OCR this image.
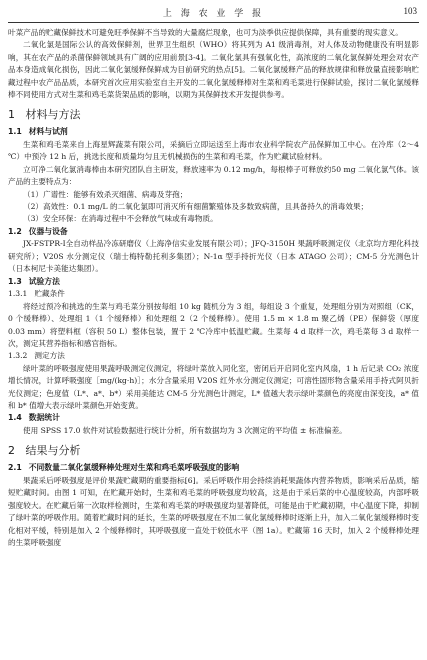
上 海 农 业 学 报	103

叶菜产品的贮藏保鲜技术可避免旺季保鲜不当导致的大量腐烂现象，也可为淡季供应提供保障，具有重要的现实意义。

二氧化氯是国际公认的高效保鲜剂，世界卫生组织（WHO）将其列为 A1 级消毒剂，对人体及动物健康没有明显影响，其在农产品的杀菌保鲜领域具有广阔的应用前景[3-4]。二氧化氯具有强氧化性，高浓度的二氧化氯保鲜处理会对农产品本身造成氧化损伤，因此二氧化氯缓释保鲜成为目前研究的热点[5]。二氧化氯缓释产品的释放规律和释放量直接影响贮藏过程中农产品品质，本研究首次应用实验室自主开发的二氧化氯缓释棒对生菜和鸡毛菜进行保鲜试验，探讨二氧化氯缓释棒不同使用方式对生菜和鸡毛菜货架品质的影响，以期为其保鲜技术开发提供参考。

1 材料与方法
1.1 材料与试剂

生菜和鸡毛菜来自上海星辉蔬菜有限公司，采摘后立即运送至上海市农业科学院农产品保鲜加工中心。在冷库（2～4 ℃）中预冷 12 h 后，挑选长度和质量均匀且无机械损伤的生菜和鸡毛菜，作为贮藏试验材料。

立可净二氧化氯消毒棒由本研究团队自主研发，释放速率为 0.12 mg/h，每根棒子可释放约50 mg 二氧化氯气体。该产品的主要特点为：

（1）广谱性：能够有效杀灭细菌、病毒及芽孢；

（2）高效性：0.1 mg/L 的二氧化氯即可消灭所有细菌繁殖体及多数致病菌，且具备持久的消毒效果；

（3）安全环保：在消毒过程中不会释放气味或有毒物质。

1.2 仪器与设备

JX-FSTPR-Ⅰ全自动样品冷冻研磨仪（上海净信实业发展有限公司）；JFQ-3150H 果蔬呼吸测定仪（北京均方理化科技研究所）；V20S 水分测定仪（瑞士梅特勒托利多集团）；N-1α 型手持折光仪（日本 ATAGO 公司）；CM-5 分光测色计（日本柯尼卡美能达集团）。

1.3 试验方法
1.3.1 贮藏条件

将经过预冷和挑选的生菜与鸡毛菜分别按每组 10 kg 随机分为 3 组，每组设 3 个重复，处理组分别为对照组（CK，0 个缓释棒）、处理组 1（1 个缓释棒）和处理组 2（2 个缓释棒）。使用 1.5 m × 1.8 m 聚乙烯（PE）保鲜袋（厚度 0.03 mm）将塑料框（容积 50 L）整体包装，置于 2 ℃冷库中低温贮藏。生菜每 4 d 取样一次，鸡毛菜每 3 d 取样一次，测定其营养指标和感官指标。

1.3.2 测定方法

绿叶菜的呼吸强度使用果蔬呼吸测定仪测定，将绿叶菜放入同化室，密闭后开启同化室内风扇，1 h 后记录 CO₂ 浓度增长情况，计算呼吸强度［mg/(kg·h)］；水分含量采用 V20S 红外水分测定仪测定；可溶性固形物含量采用手持式阿贝折光仪测定；色度值（L*、a*、b*）采用美能达 CM-5 分光测色计测定，L* 值越大表示绿叶菜颜色的亮度由深变浅，a* 值和 b* 值增大表示绿叶菜颜色开始变黄。

1.4 数据统计

使用 SPSS 17.0 软件对试验数据进行统计分析，所有数据均为 3 次测定的平均值 ± 标准偏差。

2 结果与分析
2.1 不同数量二氧化氯缓释棒处理对生菜和鸡毛菜呼吸强度的影响

果蔬采后呼吸强度是评价果蔬贮藏期的重要指标[6]。采后呼吸作用会持续消耗果蔬体内营养物质，影响采后品质，缩短贮藏时间。由图 1 可知，在贮藏开始时，生菜和鸡毛菜的呼吸强度均较高，这是由于采后菜的中心温度较高，内部呼吸强度较大。在贮藏后第一次取样检测时，生菜和鸡毛菜的呼吸强度均显著降低，可能是由于贮藏初期，中心温度下降，抑制了绿叶菜的呼吸作用。随着贮藏时间的延长，生菜的呼吸强度在不加二氧化氯缓释棒时逐渐上升，加入二氧化氯缓释棒时变化相对平缓，特别是加入 2 个缓释棒时，其呼吸强度一直处于较低水平（图 1a）。贮藏第 16 天时，加入 2 个缓释棒处理的生菜呼吸强度
